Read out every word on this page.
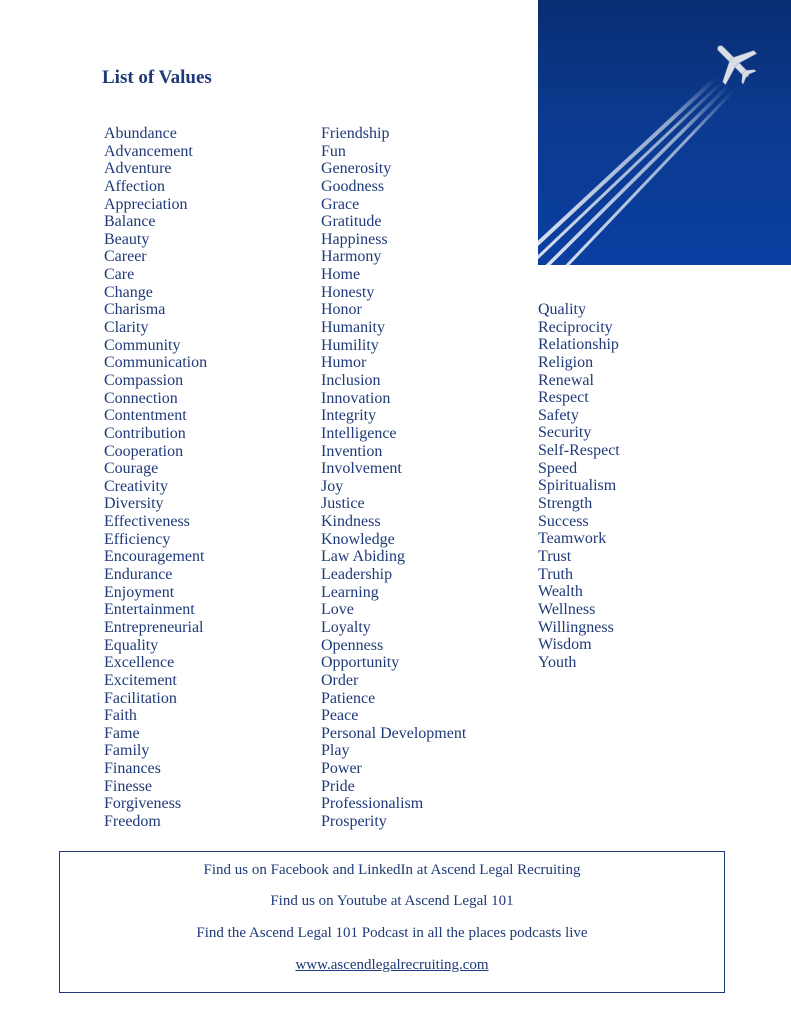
List of Values
Abundance
Advancement
Adventure
Affection
Appreciation
Balance
Beauty
Career
Care
Change
Charisma
Clarity
Community
Communication
Compassion
Connection
Contentment
Contribution
Cooperation
Courage
Creativity
Diversity
Effectiveness
Efficiency
Encouragement
Endurance
Enjoyment
Entertainment
Entrepreneurial
Equality
Excellence
Excitement
Facilitation
Faith
Fame
Family
Finances
Finesse
Forgiveness
Freedom
Friendship
Fun
Generosity
Goodness
Grace
Gratitude
Happiness
Harmony
Home
Honesty
Honor
Humanity
Humility
Humor
Inclusion
Innovation
Integrity
Intelligence
Invention
Involvement
Joy
Justice
Kindness
Knowledge
Law Abiding
Leadership
Learning
Love
Loyalty
Openness
Opportunity
Order
Patience
Peace
Personal Development
Play
Power
Pride
Professionalism
Prosperity
Quality
Reciprocity
Relationship
Religion
Renewal
Respect
Safety
Security
Self-Respect
Speed
Spiritualism
Strength
Success
Teamwork
Trust
Truth
Wealth
Wellness
Willingness
Wisdom
Youth
Find us on Facebook and LinkedIn at Ascend Legal Recruiting
Find us on Youtube at Ascend Legal 101
Find the Ascend Legal 101 Podcast in all the places podcasts live
www.ascendlegalrecruiting.com
